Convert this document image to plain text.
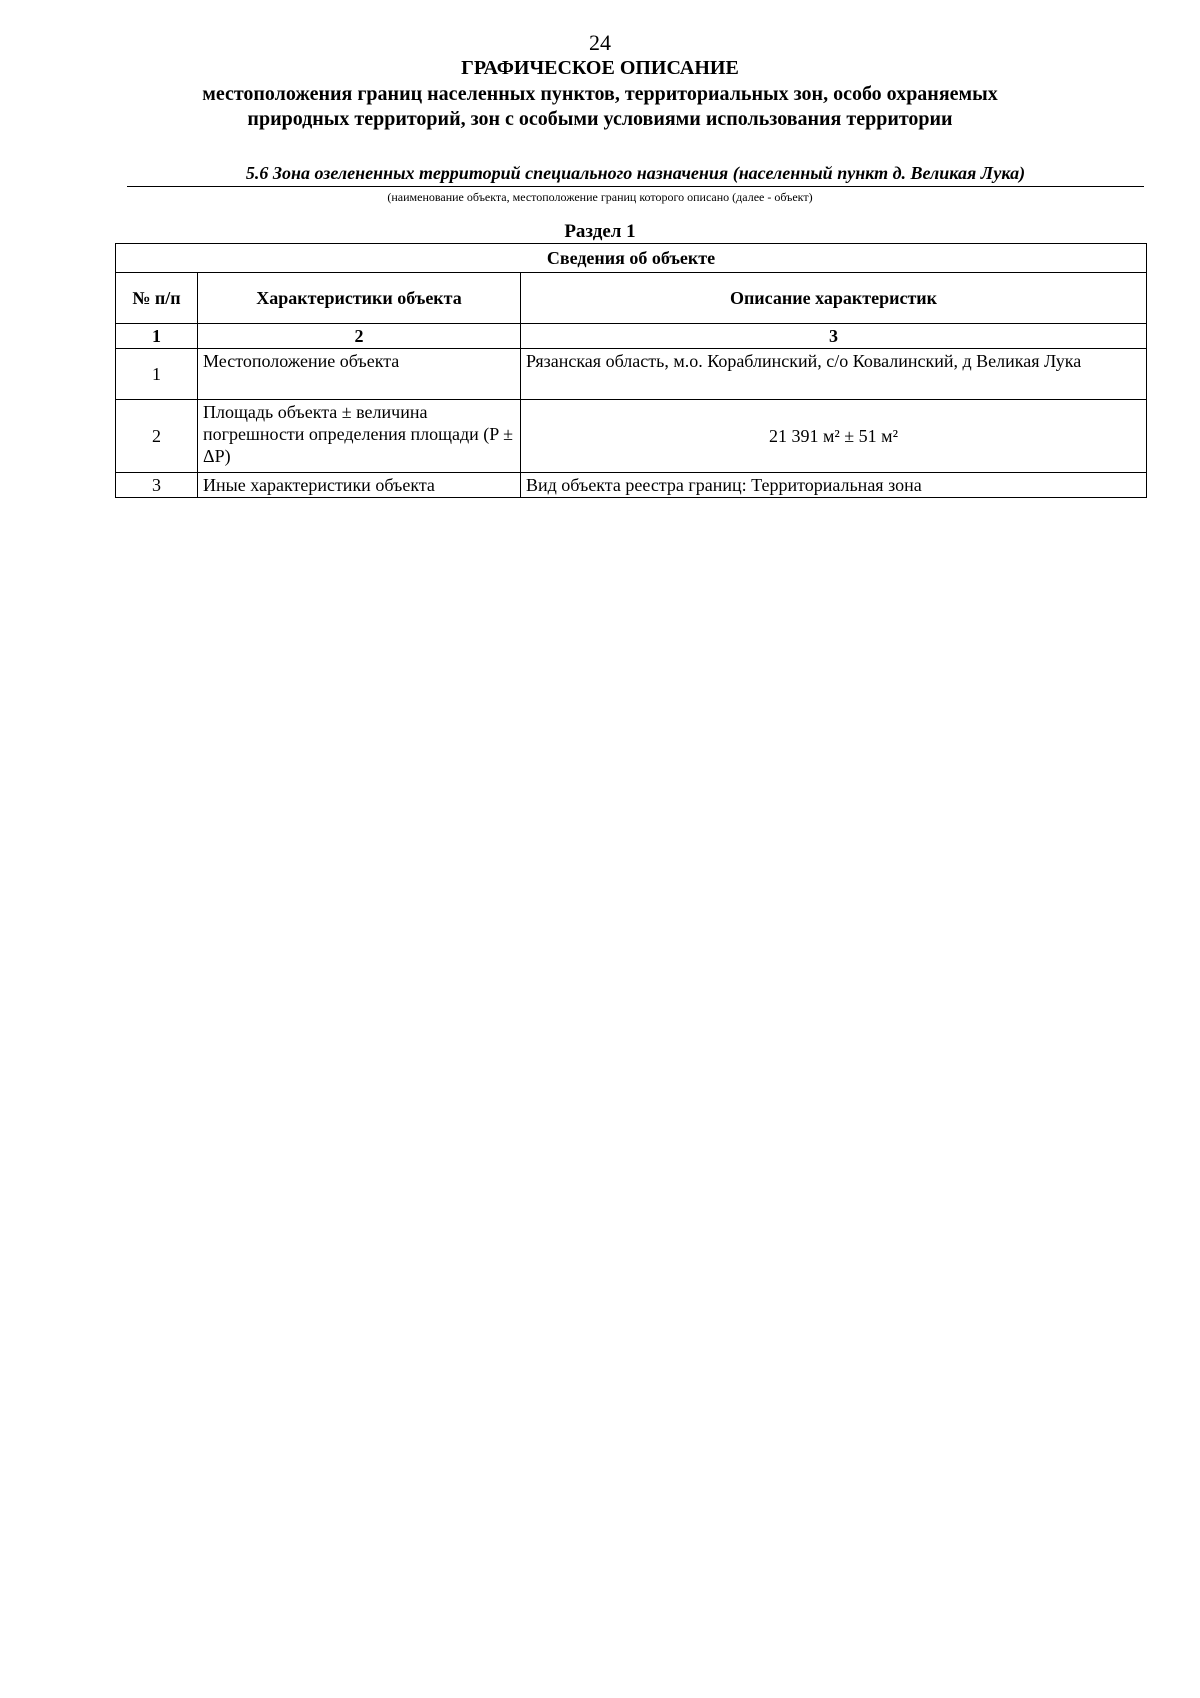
24
ГРАФИЧЕСКОЕ ОПИСАНИЕ
местоположения границ населенных пунктов, территориальных зон, особо охраняемых природных территорий, зон с особыми условиями использования территории
5.6 Зона озелененных территорий специального назначения (населенный пункт д. Великая Лука)
(наименование объекта, местоположение границ которого описано (далее - объект)
Раздел 1
Сведения об объекте		
№ п/п	Характеристики объекта	Описание характеристик
1	2	3
1	Местоположение объекта	Рязанская область, м.о. Кораблинский, с/о Ковалинский, д Великая Лука
2	Площадь объекта ± величина погрешности определения площади (P ± ΔP)	21 391 м² ± 51 м²
3	Иные характеристики объекта	Вид объекта реестра границ: Территориальная зона
